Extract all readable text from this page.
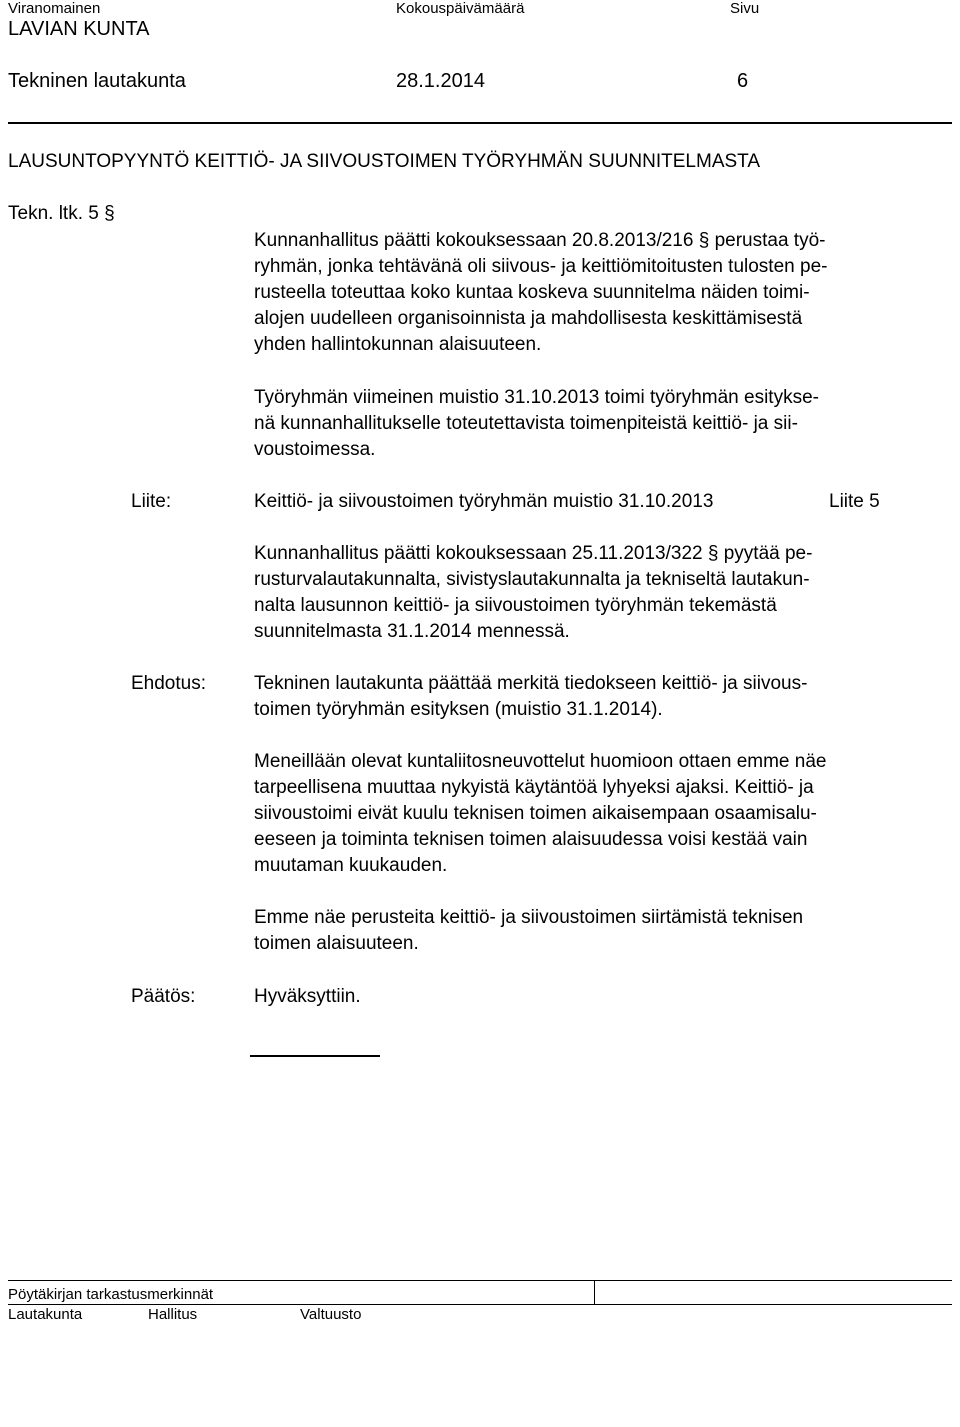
Viranomainen	Kokouspäivämäärä	Sivu
LAVIAN KUNTA
Tekninen lautakunta	28.1.2014	6
LAUSUNTOPYYNTÖ KEITTIÖ- JA SIIVOUSTOIMEN TYÖRYHMÄN SUUNNITELMASTA
Tekn. ltk. 5 §
Kunnanhallitus päätti kokouksessaan 20.8.2013/216 § perustaa työ-
ryhmän, jonka tehtävänä oli siivous- ja keittiömitoitusten tulosten pe-
rusteella toteuttaa koko kuntaa koskeva suunnitelma näiden toimi-
alojen uudelleen organisoinnista ja mahdollisesta keskittämisestä
yhden hallintokunnan alaisuuteen.
Työryhmän viimeinen muistio 31.10.2013 toimi työryhmän esitykse-
nä kunnanhallitukselle toteutettavista toimenpiteistä keittiö- ja sii-
voustoimessa.
Liite:	Keittiö- ja siivoustoimen työryhmän muistio 31.10.2013	Liite 5
Kunnanhallitus päätti kokouksessaan 25.11.2013/322 § pyytää pe-
rusturvalautakunnalta, sivistyslautakunnalta ja tekniseltä lautakun-
nalta lausunnon keittiö- ja siivoustoimen työryhmän tekemästä
suunnitelmasta 31.1.2014 mennessä.
Ehdotus:	Tekninen lautakunta päättää merkitä tiedokseen keittiö- ja siivous-
toimen työryhmän esityksen (muistio 31.1.2014).
Meneillään olevat kuntaliitosneuvottelut huomioon ottaen emme näe
tarpeellisena muuttaa nykyistä käytäntöä lyhyeksi ajaksi. Keittiö- ja
siivoustoimi eivät kuulu teknisen toimen aikaisempaan osaamisalu-
eeseen ja toiminta teknisen toimen alaisuudessa voisi kestää vain
muutaman kuukauden.
Emme näe perusteita keittiö- ja siivoustoimen siirtämistä teknisen
toimen alaisuuteen.
Päätös:	Hyväksyttiin.
Pöytäkirjan tarkastusmerkinnät
Lautakunta	Hallitus	Valtuusto
